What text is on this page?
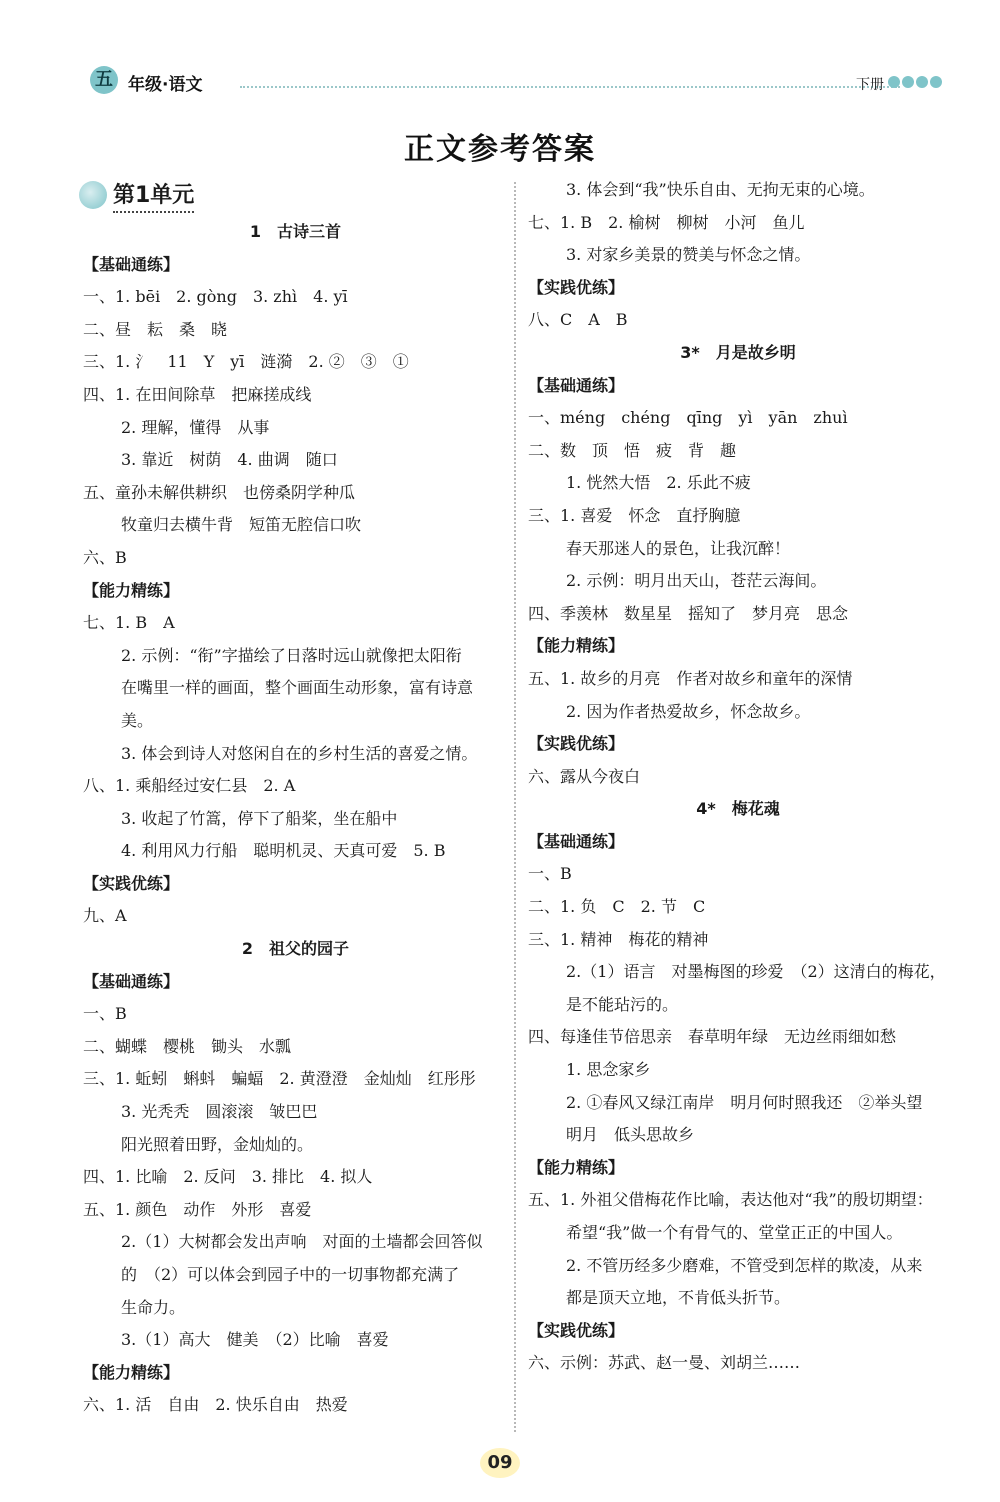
五 年级·语文	下册
正文参考答案
第1单元
1　古诗三首
【基础通练】
一、1. bēi　2. gòng　3. zhì　4. yī
二、昼　耘　桑　晓
三、1. 氵　11　Y　yī　涟漪　2. ②　③　①
四、1. 在田间除草　把麻搓成线
2. 理解，懂得　从事
3. 靠近　树荫　4. 曲调　随口
五、童孙未解供耕织　也傍桑阴学种瓜
牧童归去横牛背　短笛无腔信口吹
六、B
【能力精练】
七、1. B　A
2. 示例：“衔”字描绘了日落时远山就像把太阳衔
在嘴里一样的画面，整个画面生动形象，富有诗意
美。
3. 体会到诗人对悠闲自在的乡村生活的喜爱之情。
八、1. 乘船经过安仁县　2. A
3. 收起了竹篙，停下了船桨，坐在船中
4. 利用风力行船　聪明机灵、天真可爱　5. B
【实践优练】
九、A
2　祖父的园子
【基础通练】
一、B
二、蝴蝶　樱桃　锄头　水瓢
三、1. 蚯蚓　蝌蚪　蝙蝠　2. 黄澄澄　金灿灿　红彤彤
3. 光秃秃　圆滚滚　皱巴巴
阳光照着田野，金灿灿的。
四、1. 比喻　2. 反问　3. 排比　4. 拟人
五、1. 颜色　动作　外形　喜爱
2.（1）大树都会发出声响　对面的土墙都会回答似
的　（2）可以体会到园子中的一切事物都充满了
生命力。
3.（1）高大　健美　（2）比喻　喜爱
【能力精练】
六、1. 活　自由　2. 快乐自由　热爱
3. 体会到“我”快乐自由、无拘无束的心境。
七、1. B　2. 榆树　柳树　小河　鱼儿
3. 对家乡美景的赞美与怀念之情。
【实践优练】
八、C　A　B
3*　月是故乡明
【基础通练】
一、méng　chéng　qīng　yì　yān　zhuì
二、数　顶　悟　疲　背　趣
1. 恍然大悟　2. 乐此不疲
三、1. 喜爱　怀念　直抒胸臆
春天那迷人的景色，让我沉醉！
2. 示例：明月出天山，苍茫云海间。
四、季羡林　数星星　摇知了　梦月亮　思念
【能力精练】
五、1. 故乡的月亮　作者对故乡和童年的深情
2. 因为作者热爱故乡，怀念故乡。
【实践优练】
六、露从今夜白
4*　梅花魂
【基础通练】
一、B
二、1. 负　C　2. 节　C
三、1. 精神　梅花的精神
2.（1）语言　对墨梅图的珍爱　（2）这清白的梅花，
是不能玷污的。
四、每逢佳节倍思亲　春草明年绿　无边丝雨细如愁
1. 思念家乡
2. ①春风又绿江南岸　明月何时照我还　②举头望
明月　低头思故乡
【能力精练】
五、1. 外祖父借梅花作比喻，表达他对“我”的殷切期望：
希望“我”做一个有骨气的、堂堂正正的中国人。
2. 不管历经多少磨难，不管受到怎样的欺凌，从来
都是顶天立地，不肯低头折节。
【实践优练】
六、示例：苏武、赵一曼、刘胡兰……
09
